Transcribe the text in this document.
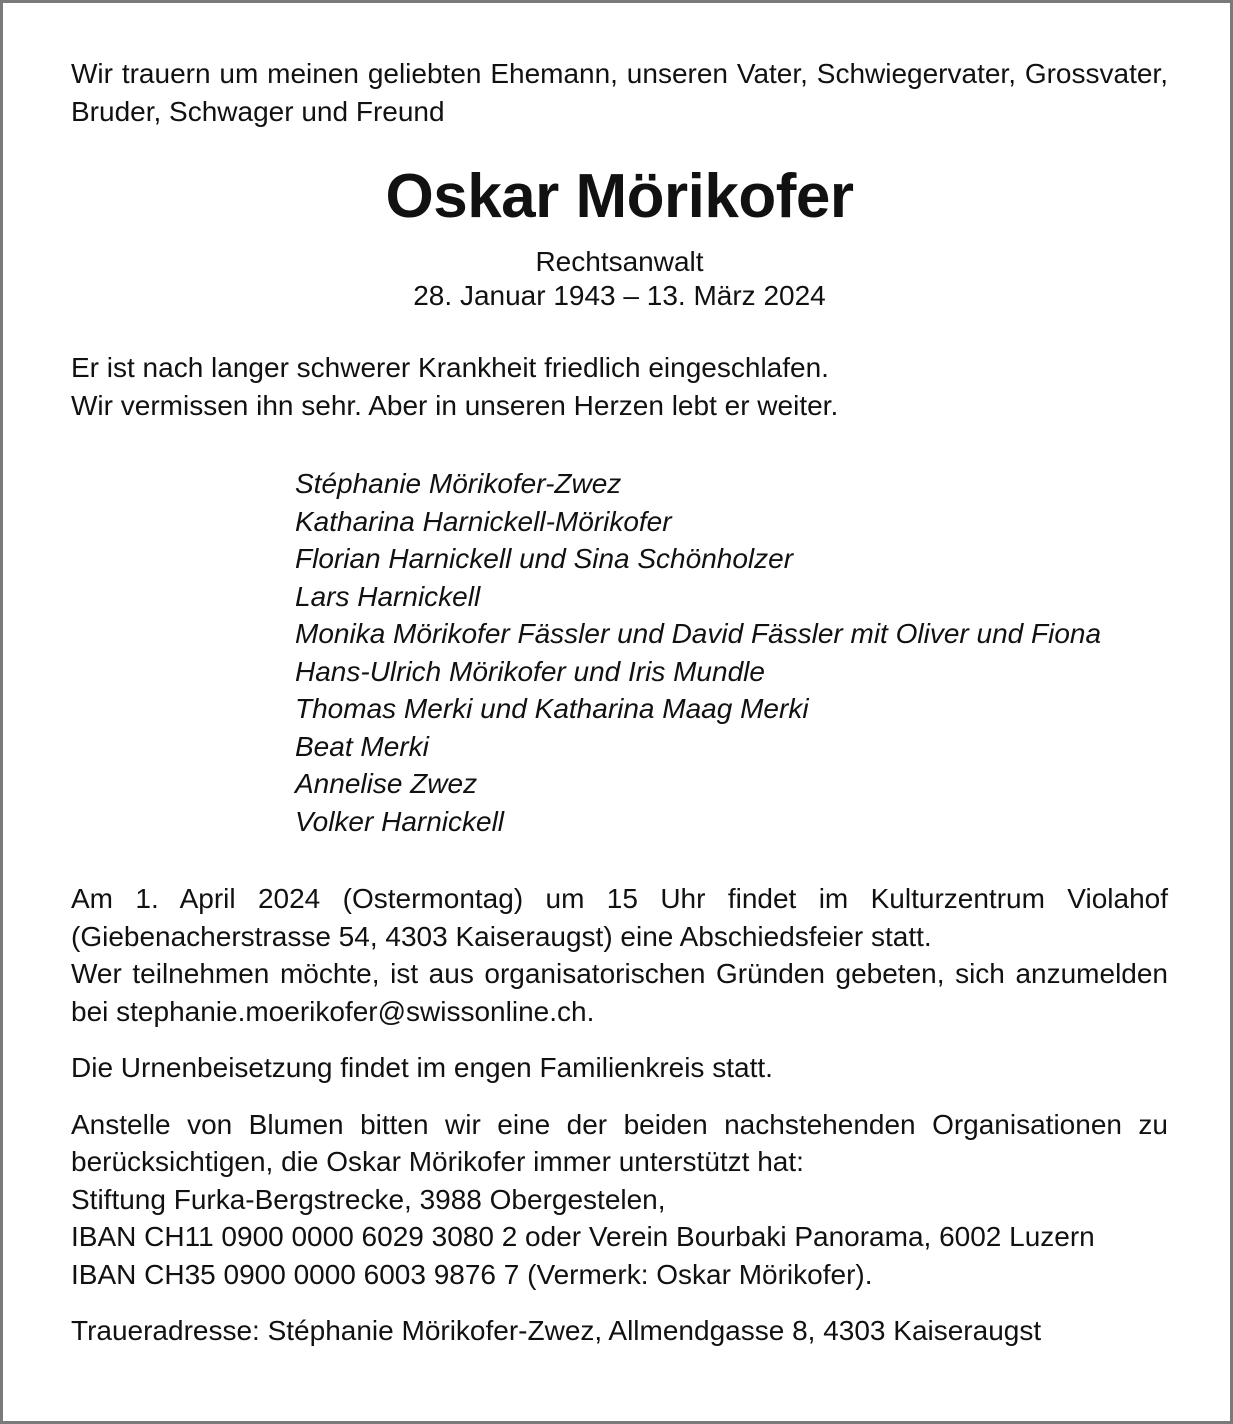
Wir trauern um meinen geliebten Ehemann, unseren Vater, Schwiegervater, Grossvater, Bruder, Schwager und Freund

Oskar Mörikofer
Rechtsanwalt
28. Januar 1943 – 13. März 2024

Er ist nach langer schwerer Krankheit friedlich eingeschlafen.

Wir vermissen ihn sehr. Aber in unseren Herzen lebt er weiter.

Stéphanie Mörikofer-Zwez
Katharina Harnickell-Mörikofer
Florian Harnickell und Sina Schönholzer
Lars Harnickell
Monika Mörikofer Fässler und David Fässler mit Oliver und Fiona
Hans-Ulrich Mörikofer und Iris Mundle
Thomas Merki und Katharina Maag Merki
Beat Merki
Annelise Zwez
Volker Harnickell

Am 1. April 2024 (Ostermontag) um 15 Uhr findet im Kulturzentrum Violahof (Giebenacherstrasse 54, 4303 Kaiseraugst) eine Abschiedsfeier statt.

Wer teilnehmen möchte, ist aus organisatorischen Gründen gebeten, sich anzumelden bei stephanie.moerikofer@swissonline.ch.

Die Urnenbeisetzung findet im engen Familienkreis statt.

Anstelle von Blumen bitten wir eine der beiden nachstehenden Organisationen zu berücksichtigen, die Oskar Mörikofer immer unterstützt hat:

Stiftung Furka-Bergstrecke, 3988 Obergestelen,

IBAN CH11 0900 0000 6029 3080 2 oder Verein Bourbaki Panorama, 6002 Luzern

IBAN CH35 0900 0000 6003 9876 7 (Vermerk: Oskar Mörikofer).

Traueradresse: Stéphanie Mörikofer-Zwez, Allmendgasse 8, 4303 Kaiseraugst
